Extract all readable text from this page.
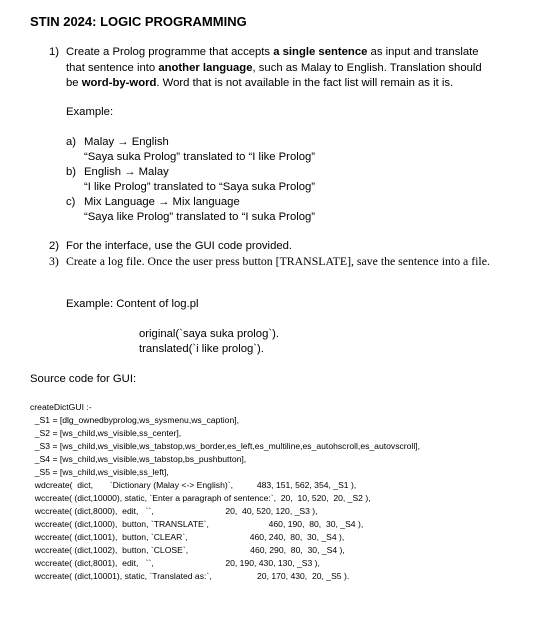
STIN 2024: LOGIC PROGRAMMING
1) Create a Prolog programme that accepts a single sentence as input and translate that sentence into another language, such as Malay to English. Translation should be word-by-word. Word that is not available in the fact list will remain as it is.
Example:
a) Malay → English
“Saya suka Prolog” translated to “I like Prolog”
b) English → Malay
“I like Prolog” translated to “Saya suka Prolog”
c) Mix Language → Mix language
“Saya like Prolog” translated to “I suka Prolog”
2) For the interface, use the GUI code provided.
3) Create a log file. Once the user press button [TRANSLATE], save the sentence into a file.
Example: Content of log.pl
original(`saya suka prolog`).
translated(`i like prolog`).
Source code for GUI:

createDictGUI :-

_S1 = [dlg_ownedbyprolog,ws_sysmenu,ws_caption],

_S2 = [ws_child,ws_visible,ss_center],

_S3 = [ws_child,ws_visible,ws_tabstop,ws_border,es_left,es_multiline,es_autohscroll,es_autovscroll],

_S4 = [ws_child,ws_visible,ws_tabstop,bs_pushbutton],

_S5 = [ws_child,ws_visible,ss_left],

wdcreate(  dict,       `Dictionary (Malay <-> English)`,          483, 151, 562, 354, _S1 ),

wccreate( (dict,10000), static, `Enter a paragraph of sentence:`,  20,  10, 520,  20, _S2 ),

wccreate( (dict,8000),  edit,   ``,                              20,  40, 520, 120, _S3 ),

wccreate( (dict,1000),  button, `TRANSLATE`,                         460, 190,  80,  30, _S4 ),

wccreate( (dict,1001),  button, `CLEAR`,                          460, 240,  80,  30, _S4 ),

wccreate( (dict,1002),  button, `CLOSE`,                          460, 290,  80,  30, _S4 ),

wccreate( (dict,8001),  edit,   ``,                              20, 190, 430, 130, _S3 ),

wccreate( (dict,10001), static, `Translated as:`,                   20, 170, 430,  20, _S5 ).
